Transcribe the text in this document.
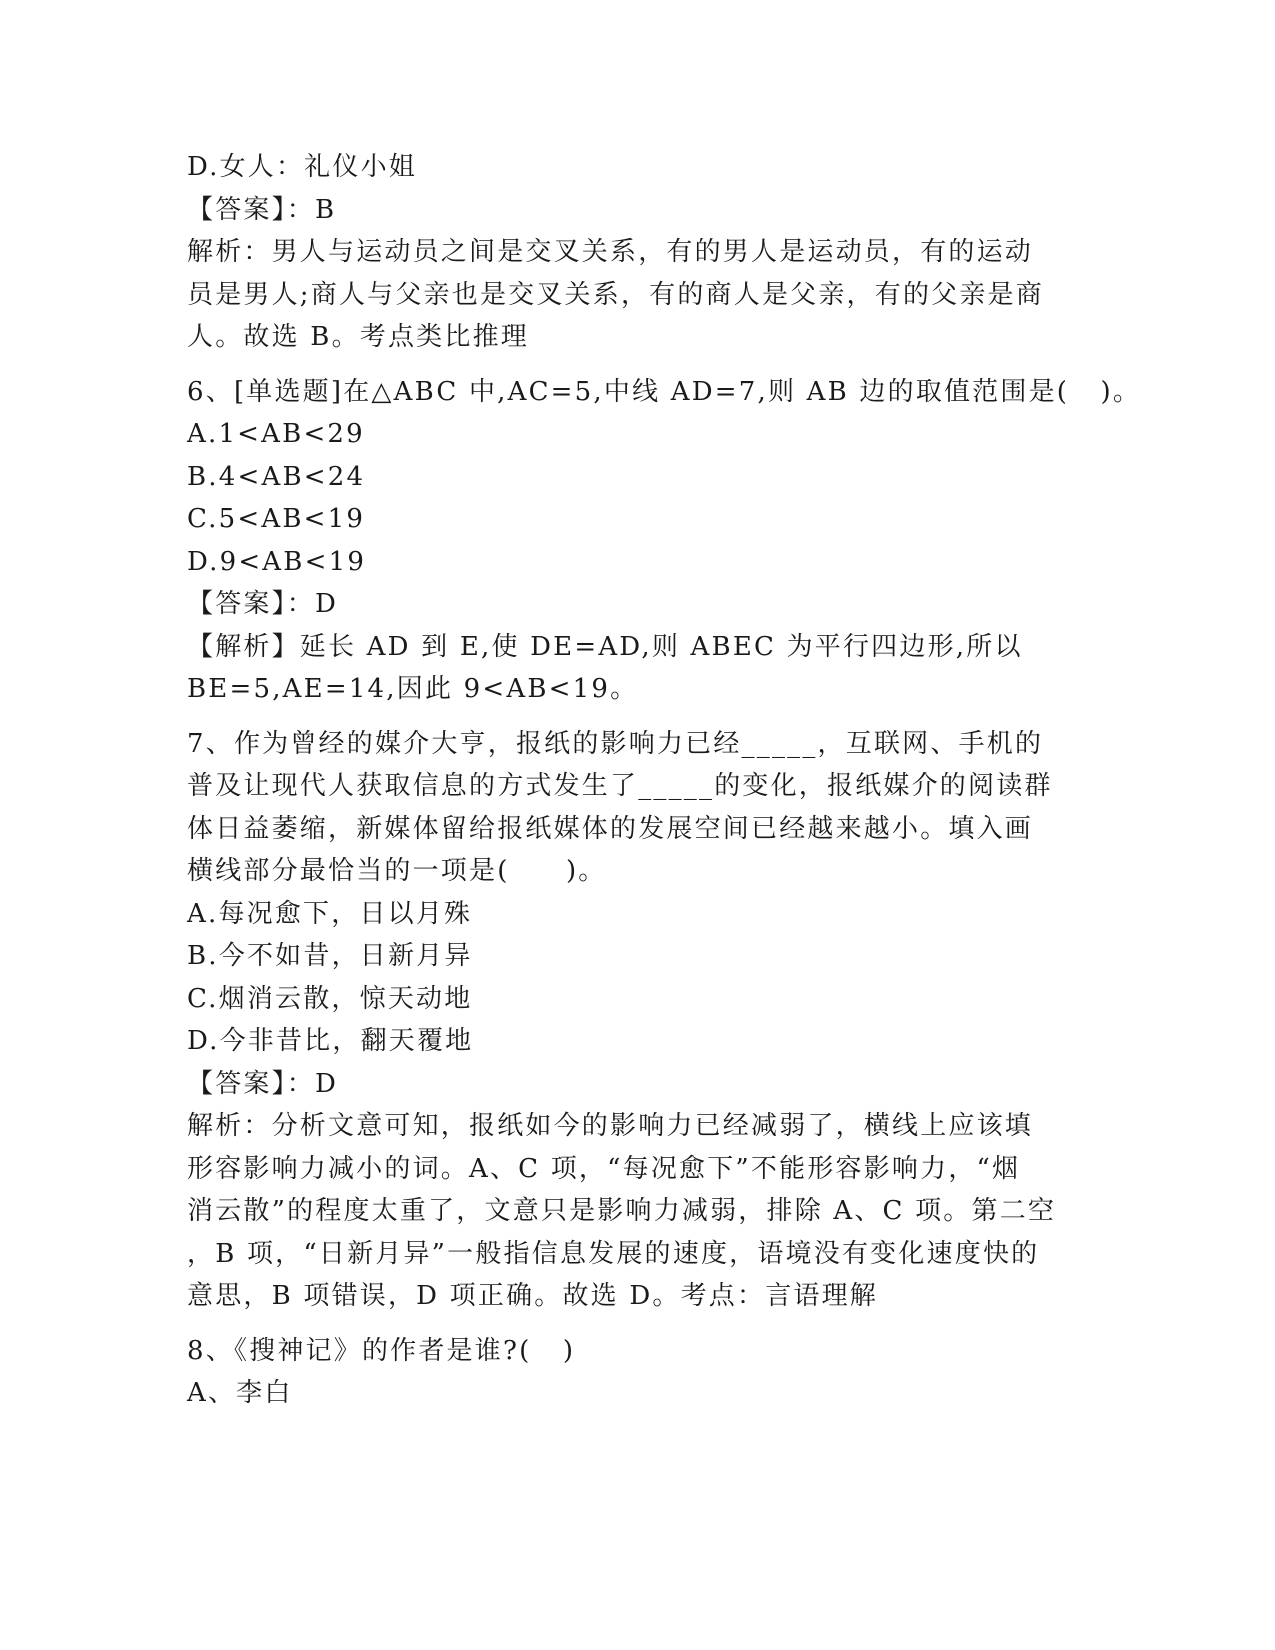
D.女人：礼仪小姐
【答案】：B
解析：男人与运动员之间是交叉关系，有的男人是运动员，有的运动
员是男人;商人与父亲也是交叉关系，有的商人是父亲，有的父亲是商
人。故选 B。考点类比推理
6、[单选题]在△ABC 中,AC=5,中线 AD=7,则 AB 边的取值范围是(   )。
A.1<AB<29
B.4<AB<24
C.5<AB<19
D.9<AB<19
【答案】：D
【解析】延长 AD 到 E,使 DE=AD,则 ABEC 为平行四边形,所以
BE=5,AE=14,因此 9<AB<19。
7、作为曾经的媒介大亨，报纸的影响力已经_____，互联网、手机的
普及让现代人获取信息的方式发生了_____的变化，报纸媒介的阅读群
体日益萎缩，新媒体留给报纸媒体的发展空间已经越来越小。填入画
横线部分最恰当的一项是(　　)。
A.每况愈下，日以月殊
B.今不如昔，日新月异
C.烟消云散，惊天动地
D.今非昔比，翻天覆地
【答案】：D
解析：分析文意可知，报纸如今的影响力已经减弱了，横线上应该填
形容影响力减小的词。A、C 项，“每况愈下”不能形容影响力，“烟
消云散”的程度太重了，文意只是影响力减弱，排除 A、C 项。第二空
，B 项，“日新月异”一般指信息发展的速度，语境没有变化速度快的
意思，B 项错误，D 项正确。故选 D。考点：言语理解
8、《搜神记》的作者是谁?(   )
A、李白
